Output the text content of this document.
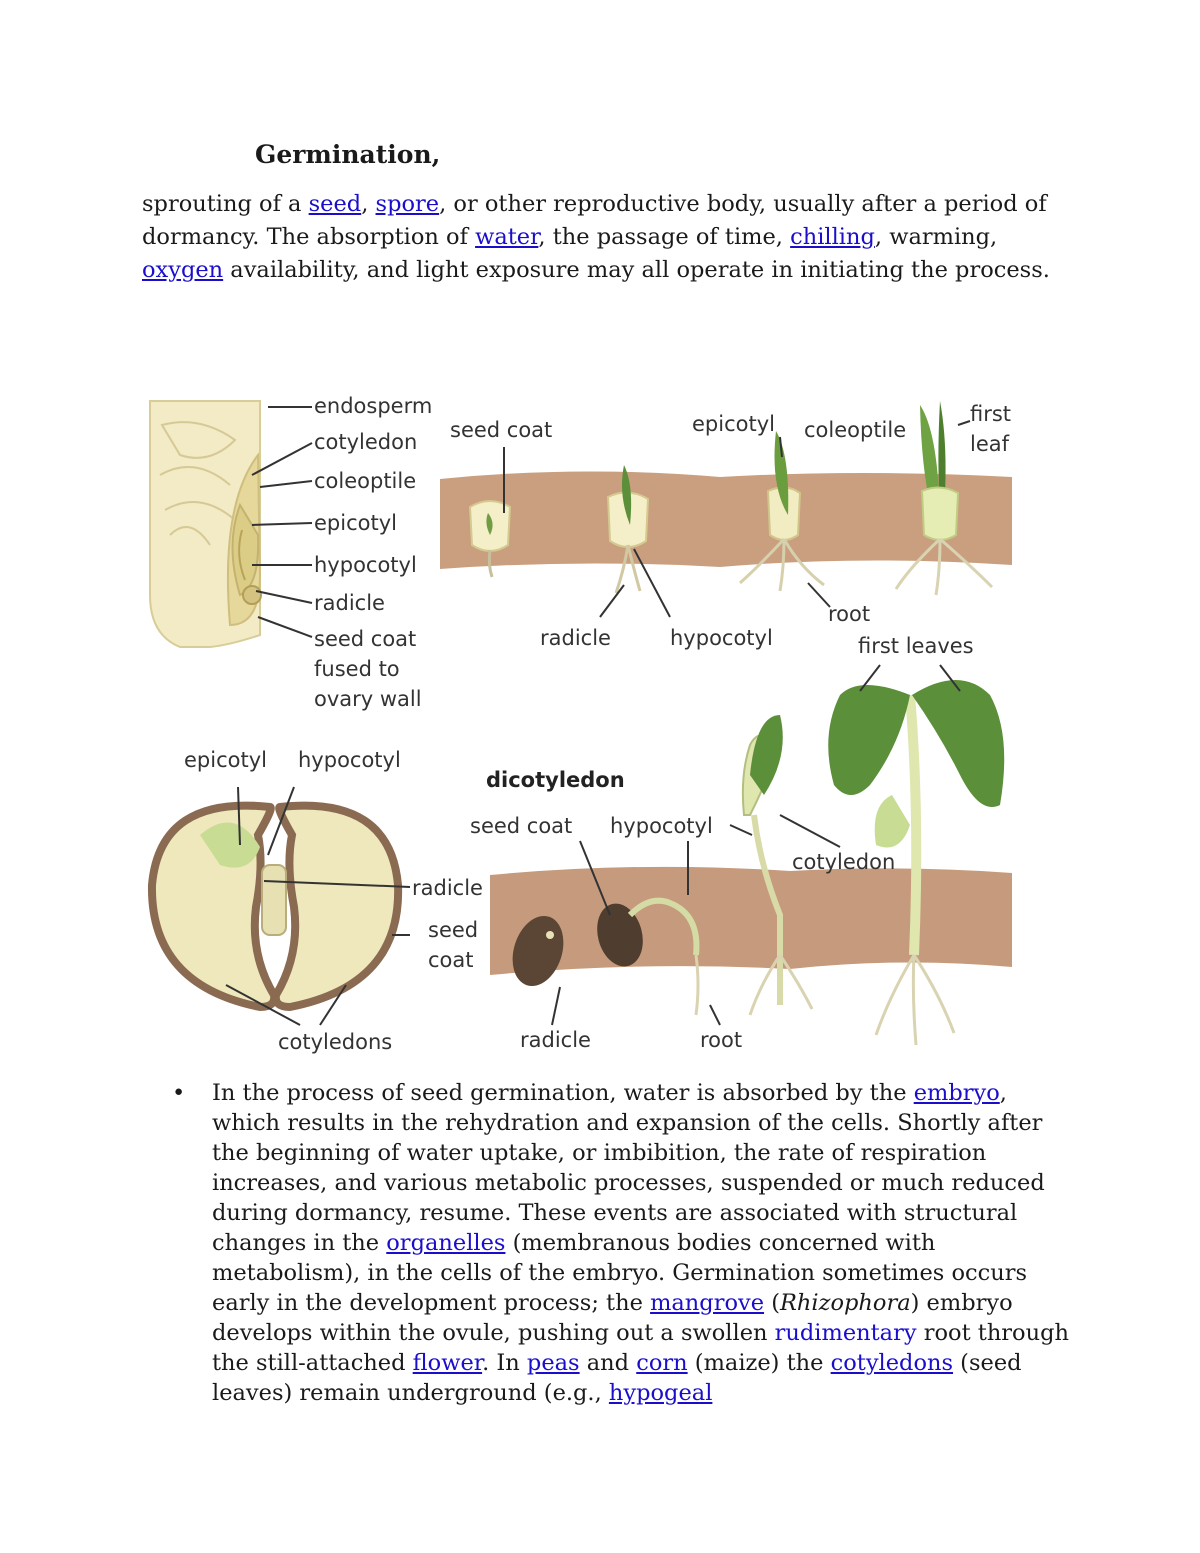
Germination,

sprouting of a seed, spore, or other reproductive body, usually after a period of dormancy. The absorption of water, the passage of time, chilling, warming, oxygen availability, and light exposure may all operate in initiating the process.

endosperm
cotyledon
coleoptile
epicotyl
hypocotyl
radicle
seed coat
fused to
ovary wall
seed coat	epicotyl coleoptile
first
leaf
radicle	hypocotyl
root
first leaves
epicotyl hypocotyl
radicle
seed
coat
cotyledons
dicotyledon
seed coat hypocotyl
cotyledon
radicle	root
• In the process of seed germination, water is absorbed by the embryo, which results in the rehydration and expansion of the cells. Shortly after the beginning of water uptake, or imbibition, the rate of respiration increases, and various metabolic processes, suspended or much reduced during dormancy, resume. These events are associated with structural changes in the organelles (membranous bodies concerned with metabolism), in the cells of the embryo. Germination sometimes occurs early in the development process; the mangrove (Rhizophora) embryo develops within the ovule, pushing out a swollen rudimentary root through the still-attached flower. In peas and corn (maize) the cotyledons (seed leaves) remain underground (e.g., hypogeal
